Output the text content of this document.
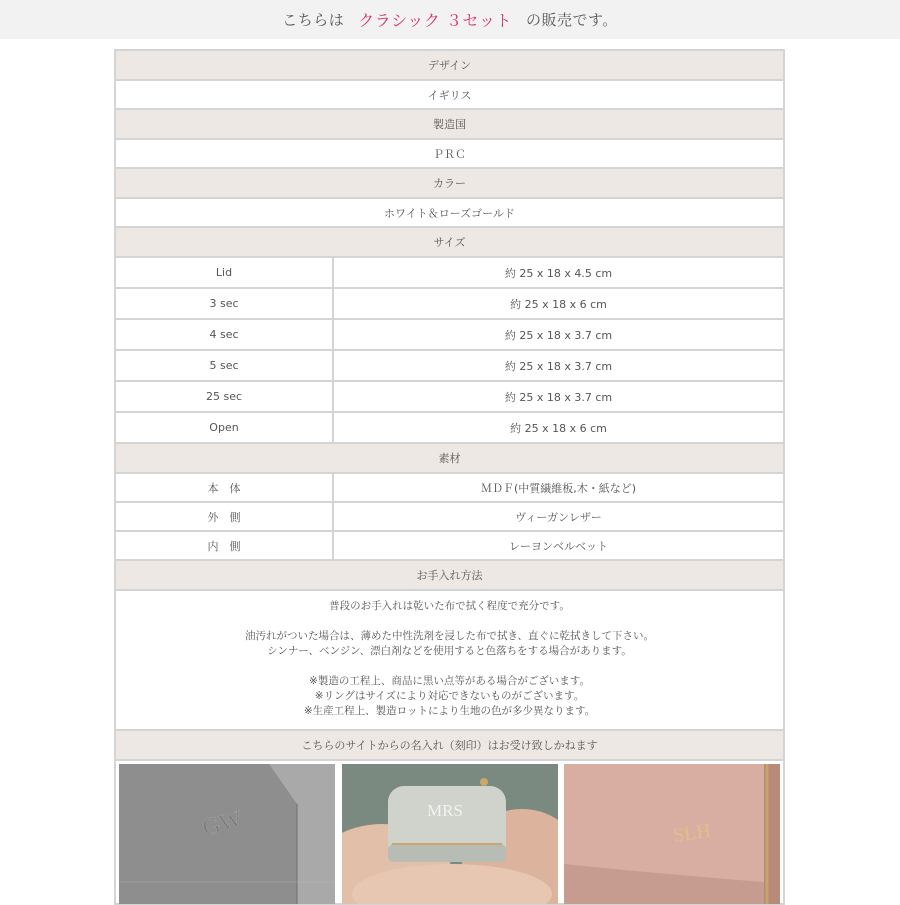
こちらは クラシック ３セット の販売です。
デザイン
イギリス
製造国
ＰＲＣ
カラー
ホワイト＆ローズゴールド
サイズ
Lid	約 25 x 18 x 4.5 cm
3 sec	約 25 x 18 x 6 cm
4 sec	約 25 x 18 x 3.7 cm
5 sec	約 25 x 18 x 3.7 cm
25 sec	約 25 x 18 x 3.7 cm
Open	約 25 x 18 x 6 cm
素材
本　体	ＭＤＦ(中質繊維板,木・紙など)
外　側	ヴィーガンレザー
内　側	レーヨンベルベット
お手入れ方法

普段のお手入れは乾いた布で拭く程度で充分です。

油汚れがついた場合は、薄めた中性洗剤を浸した布で拭き、直ぐに乾拭きして下さい。

シンナー、ベンジン、漂白剤などを使用すると色落ちをする場合があります。

※製造の工程上、商品に黒い点等がある場合がございます。

※リングはサイズにより対応できないものがございます。

※生産工程上、製造ロットにより生地の色が多少異なります。

こちらのサイトからの名入れ（刻印）はお受け致しかねます
GW	MRS
SLH
